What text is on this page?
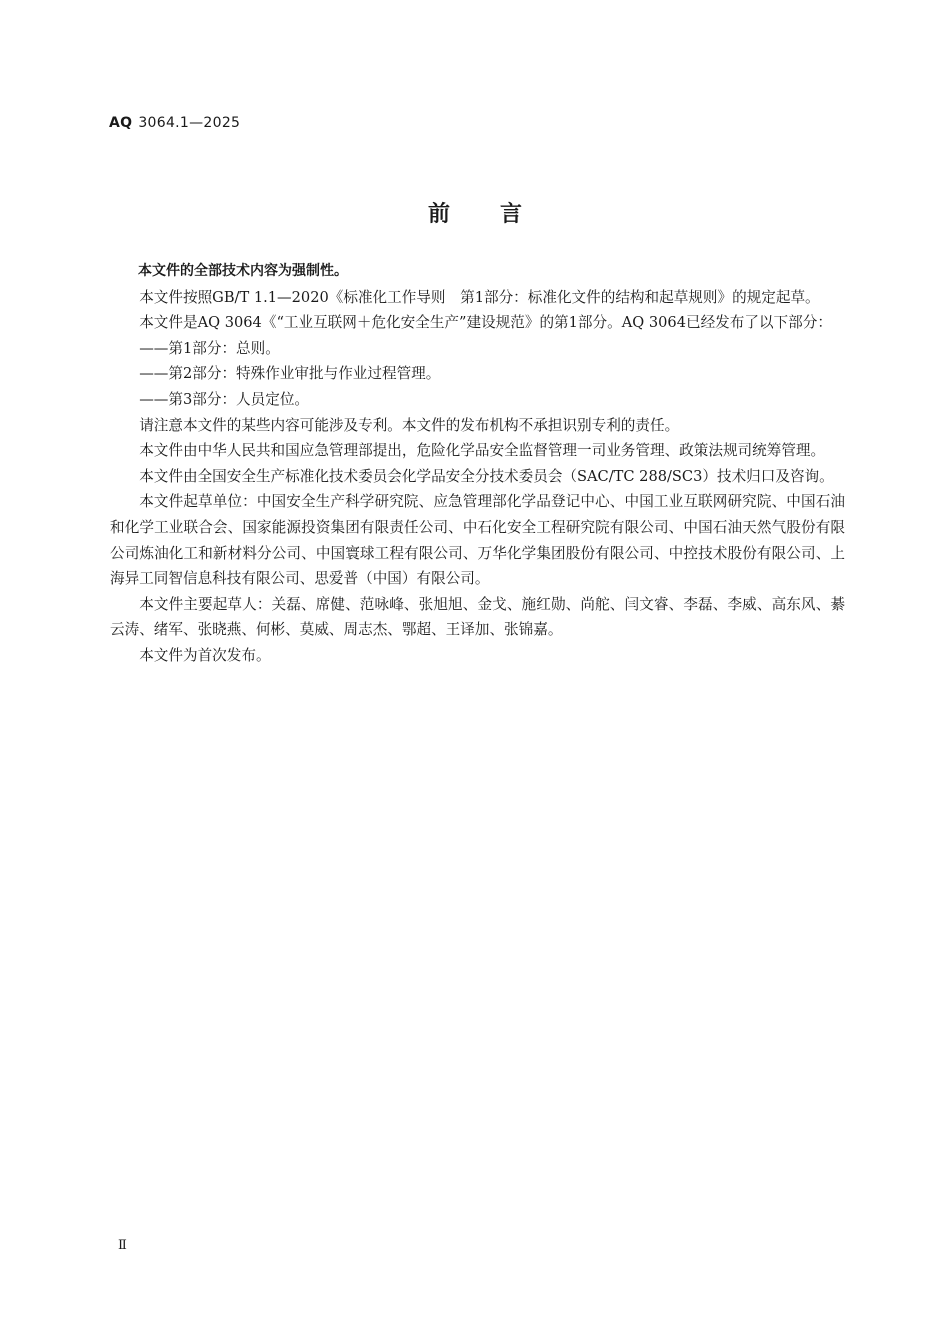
AQ 3064.1—2025
前言

本文件的全部技术内容为强制性。

本文件按照GB/T 1.1—2020《标准化工作导则　第1部分：标准化文件的结构和起草规则》的规定起草。

本文件是AQ 3064《“工业互联网＋危化安全生产”建设规范》的第1部分。AQ 3064已经发布了以下部分：

——第1部分：总则。

——第2部分：特殊作业审批与作业过程管理。

——第3部分：人员定位。

请注意本文件的某些内容可能涉及专利。本文件的发布机构不承担识别专利的责任。

本文件由中华人民共和国应急管理部提出，危险化学品安全监督管理一司业务管理、政策法规司统筹管理。

本文件由全国安全生产标准化技术委员会化学品安全分技术委员会（SAC/TC 288/SC3）技术归口及咨询。

本文件起草单位：中国安全生产科学研究院、应急管理部化学品登记中心、中国工业互联网研究院、中国石油和化学工业联合会、国家能源投资集团有限责任公司、中石化安全工程研究院有限公司、中国石油天然气股份有限公司炼油化工和新材料分公司、中国寰球工程有限公司、万华化学集团股份有限公司、中控技术股份有限公司、上海异工同智信息科技有限公司、思爱普（中国）有限公司。

本文件主要起草人：关磊、席健、范咏峰、张旭旭、金戈、施红勋、尚舵、闫文睿、李磊、李威、高东风、綦云涛、绪军、张晓燕、何彬、莫威、周志杰、鄂超、王译加、张锦嘉。

本文件为首次发布。

Ⅱ
